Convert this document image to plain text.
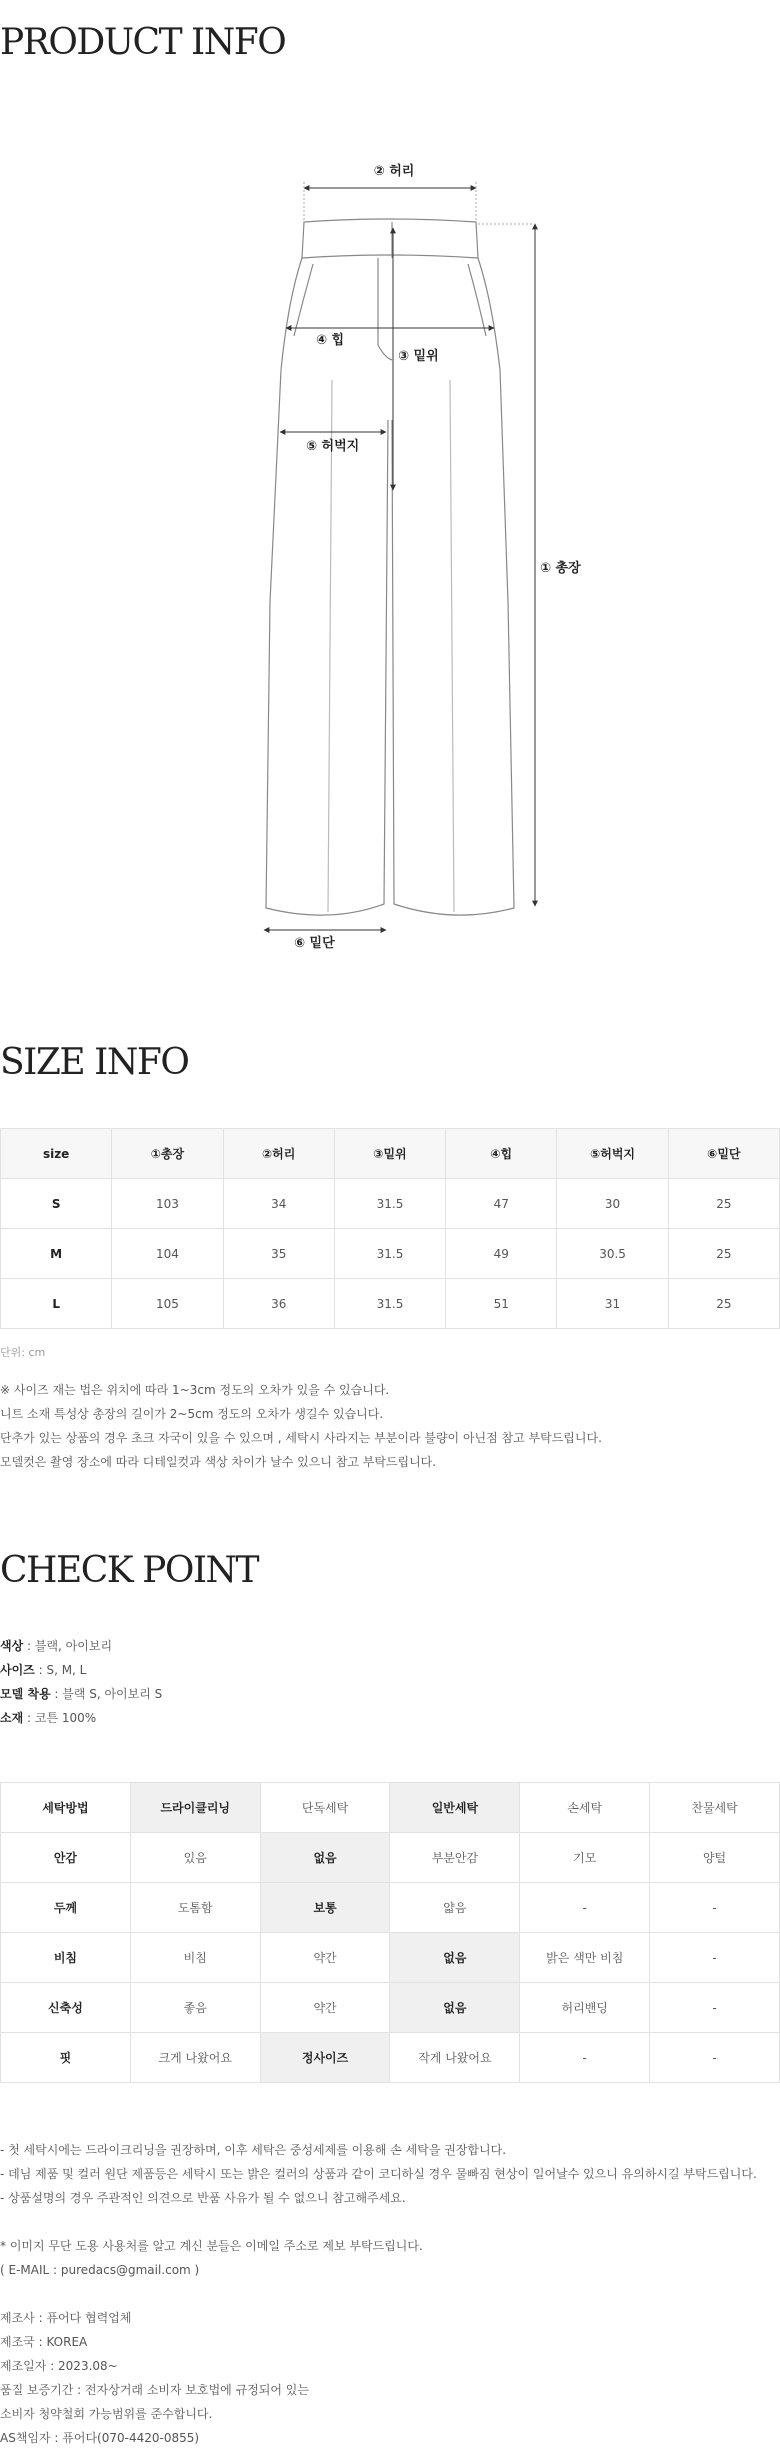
PRODUCT INFO
② 허리
④ 힙
③ 밑위
⑤ 허벅지
① 총장
⑥ 밑단
SIZE INFO
size	①총장	②허리	③밑위	④힙	⑤허벅지	⑥밑단
S	103	34	31.5	47	30	25
M	104	35	31.5	49	30.5	25
L	105	36	31.5	51	31	25
단위: cm

※ 사이즈 재는 법은 위치에 따라 1~3cm 정도의 오차가 있을 수 있습니다.

니트 소재 특성상 총장의 길이가 2~5cm 정도의 오차가 생길수 있습니다.

단추가 있는 상품의 경우 초크 자국이 있을 수 있으며 , 세탁시 사라지는 부분이라 불량이 아닌점 참고 부탁드립니다.

모델컷은 촬영 장소에 따라 디테일컷과 색상 차이가 날수 있으니 참고 부탁드립니다.

CHECK POINT

색상 : 블랙, 아이보리

사이즈 : S, M, L

모델 착용 : 블랙 S, 아이보리 S

소재 : 코튼 100%

세탁방법	드라이클리닝	단독세탁	일반세탁	손세탁	찬물세탁
안감	있음	없음	부분안감	기모	양털
두께	도톰함	보통	얇음	-	-
비침	비침	약간	없음	밝은 색만 비침	-
신축성	좋음	약간	없음	허리밴딩	-
핏	크게 나왔어요	정사이즈	작게 나왔어요	-	-

- 첫 세탁시에는 드라이크리닝을 권장하며, 이후 세탁은 중성세제를 이용해 손 세탁을 권장합니다.

- 데님 제품 및 컬러 원단 제품등은 세탁시 또는 밝은 컬러의 상품과 같이 코디하실 경우 물빠짐 현상이 일어날수 있으니 유의하시길 부탁드립니다.

- 상품설명의 경우 주관적인 의견으로 반품 사유가 될 수 없으니 참고해주세요.

* 이미지 무단 도용 사용처를 알고 계신 분들은 이메일 주소로 제보 부탁드립니다.

( E-MAIL : puredacs@gmail.com )

제조사 : 퓨어다 협력업체

제조국 : KOREA

제조일자 : 2023.08~

품질 보증기간 : 전자상거래 소비자 보호법에 규정되어 있는

소비자 청약철회 가능범위를 준수합니다.

AS책임자 : 퓨어다(070-4420-0855)
